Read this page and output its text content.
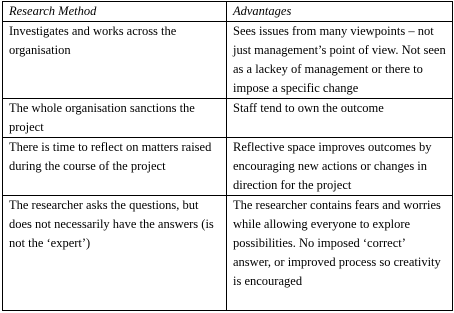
Research Method	Advantages
Investigates and works across the organisation	Sees issues from many viewpoints – not just management’s point of view. Not seen as a lackey of management or there to impose a specific change
The whole organisation sanctions the project	Staff tend to own the outcome
There is time to reflect on matters raised during the course of the project	Reflective space improves outcomes by encouraging new actions or changes in direction for the project
The researcher asks the questions, but does not necessarily have the answers (is not the ‘expert’)	The researcher contains fears and worries while allowing everyone to explore possibilities. No imposed ‘correct’ answer, or improved process so creativity is encouraged
